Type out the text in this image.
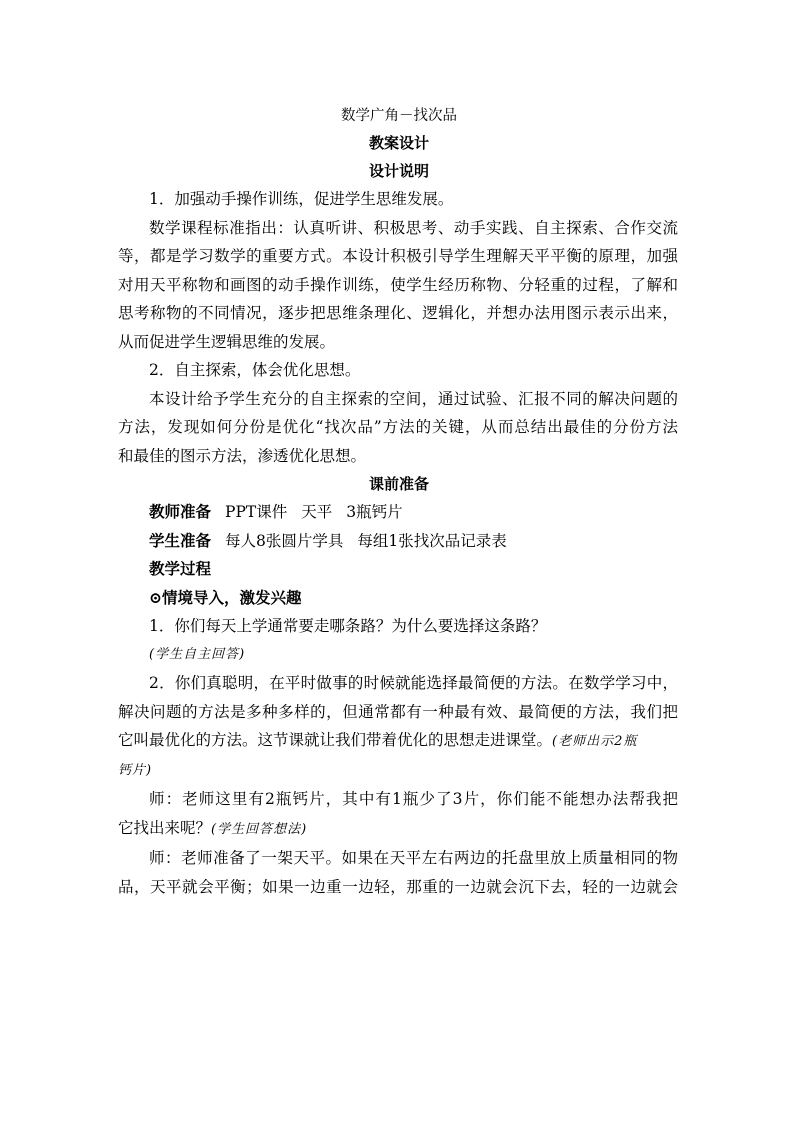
数学广角－找次品
教案设计
设计说明
1．加强动手操作训练，促进学生思维发展。
数学课程标准指出：认真听讲、积极思考、动手实践、自主探索、合作交流
等，都是学习数学的重要方式。本设计积极引导学生理解天平平衡的原理，加强
对用天平称物和画图的动手操作训练，使学生经历称物、分轻重的过程，了解和
思考称物的不同情况，逐步把思维条理化、逻辑化，并想办法用图示表示出来，
从而促进学生逻辑思维的发展。
2．自主探索，体会优化思想。
本设计给予学生充分的自主探索的空间，通过试验、汇报不同的解决问题的
方法，发现如何分份是优化“找次品”方法的关键，从而总结出最佳的分份方法
和最佳的图示方法，渗透优化思想。
课前准备
教师准备 PPT课件 天平 3瓶钙片
学生准备 每人8张圆片学具 每组1张找次品记录表
教学过程
⊙情境导入，激发兴趣
1．你们每天上学通常要走哪条路？为什么要选择这条路？
(学生自主回答)
2．你们真聪明，在平时做事的时候就能选择最简便的方法。在数学学习中，
解决问题的方法是多种多样的，但通常都有一种最有效、最简便的方法，我们把
它叫最优化的方法。这节课就让我们带着优化的思想走进课堂。(老师出示2瓶
钙片)
师：老师这里有2瓶钙片，其中有1瓶少了3片，你们能不能想办法帮我把
它找出来呢？(学生回答想法)
师：老师准备了一架天平。如果在天平左右两边的托盘里放上质量相同的物
品，天平就会平衡；如果一边重一边轻，那重的一边就会沉下去，轻的一边就会
